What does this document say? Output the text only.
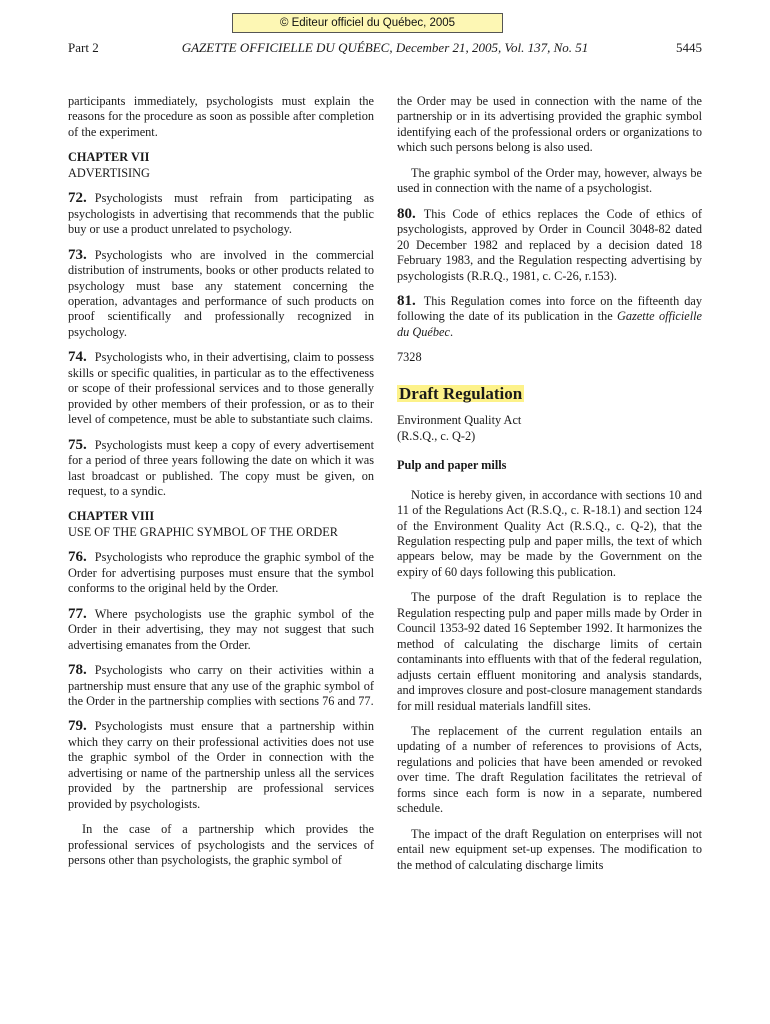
© Editeur officiel du Québec, 2005
Part 2	GAZETTE OFFICIELLE DU QUÉBEC, December 21, 2005, Vol. 137, No. 51	5445

participants immediately, psychologists must explain the reasons for the procedure as soon as possible after completion of the experiment.

CHAPTER VII
ADVERTISING

72. Psychologists must refrain from participating as psychologists in advertising that recommends that the public buy or use a product unrelated to psychology.

73. Psychologists who are involved in the commercial distribution of instruments, books or other products related to psychology must base any statement concerning the operation, advantages and performance of such products on proof scientifically and professionally recognized in psychology.

74. Psychologists who, in their advertising, claim to possess skills or specific qualities, in particular as to the effectiveness or scope of their professional services and to those generally provided by other members of their profession, or as to their level of competence, must be able to substantiate such claims.

75. Psychologists must keep a copy of every advertisement for a period of three years following the date on which it was last broadcast or published. The copy must be given, on request, to a syndic.

CHAPTER VIII
USE OF THE GRAPHIC SYMBOL OF THE ORDER

76. Psychologists who reproduce the graphic symbol of the Order for advertising purposes must ensure that the symbol conforms to the original held by the Order.

77. Where psychologists use the graphic symbol of the Order in their advertising, they may not suggest that such advertising emanates from the Order.

78. Psychologists who carry on their activities within a partnership must ensure that any use of the graphic symbol of the Order in the partnership complies with sections 76 and 77.

79. Psychologists must ensure that a partnership within which they carry on their professional activities does not use the graphic symbol of the Order in connection with the advertising or name of the partnership unless all the services provided by the partnership are professional services provided by psychologists.

In the case of a partnership which provides the professional services of psychologists and the services of persons other than psychologists, the graphic symbol of

the Order may be used in connection with the name of the partnership or in its advertising provided the graphic symbol identifying each of the professional orders or organizations to which such persons belong is also used.

The graphic symbol of the Order may, however, always be used in connection with the name of a psychologist.

80. This Code of ethics replaces the Code of ethics of psychologists, approved by Order in Council 3048-82 dated 20 December 1982 and replaced by a decision dated 18 February 1983, and the Regulation respecting advertising by psychologists (R.R.Q., 1981, c. C-26, r.153).

81. This Regulation comes into force on the fifteenth day following the date of its publication in the Gazette officielle du Québec.

7328

Draft Regulation
Environment Quality Act
(R.S.Q., c. Q-2)

Pulp and paper mills

Notice is hereby given, in accordance with sections 10 and 11 of the Regulations Act (R.S.Q., c. R-18.1) and section 124 of the Environment Quality Act (R.S.Q., c. Q-2), that the Regulation respecting pulp and paper mills, the text of which appears below, may be made by the Government on the expiry of 60 days following this publication.

The purpose of the draft Regulation is to replace the Regulation respecting pulp and paper mills made by Order in Council 1353-92 dated 16 September 1992. It harmonizes the method of calculating the discharge limits of certain contaminants into effluents with that of the federal regulation, adjusts certain effluent monitoring and analysis standards, and improves closure and post-closure management standards for mill residual materials landfill sites.

The replacement of the current regulation entails an updating of a number of references to provisions of Acts, regulations and policies that have been amended or revoked over time. The draft Regulation facilitates the retrieval of forms since each form is now in a separate, numbered schedule.

The impact of the draft Regulation on enterprises will not entail new equipment set-up expenses. The modification to the method of calculating discharge limits
